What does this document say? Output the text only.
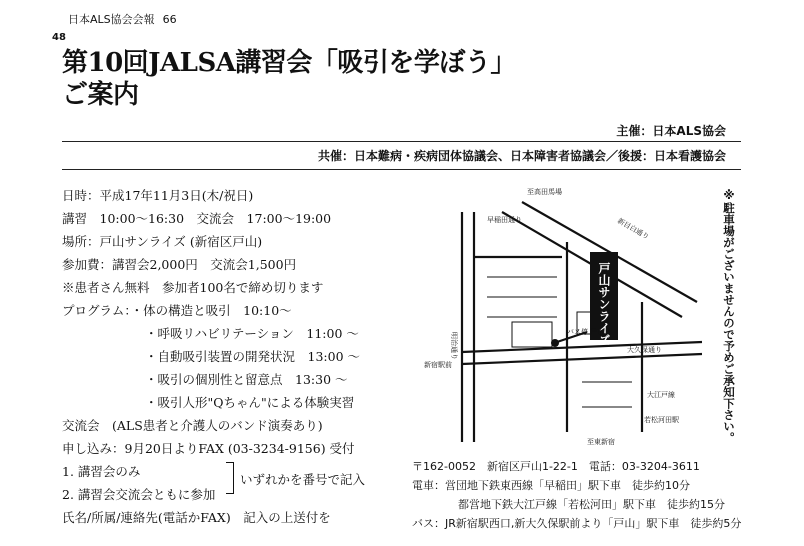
日本ALS協会会報 66
48
第10回JALSA講習会「吸引を学ぼう」
ご案内
主催：日本ALS協会
共催：日本難病・疾病団体協議会、日本障害者協議会／後援：日本看護協会
日時：平成17年11月3日(木/祝日)
講習　10:00～16:30　交流会　17:00～19:00
場所：戸山サンライズ (新宿区戸山)
参加費：講習会2,000円　交流会1,500円
※患者さん無料　参加者100名で締め切ります
プログラム：・体の構造と吸引　10:10～
・呼吸リハビリテーション　11:00 ～
・自動吸引装置の開発状況　13:00 ～
・吸引の個別性と留意点　13:30 ～
・吸引人形"Qちゃん"による体験実習
交流会　(ALS患者と介護人のバンド演奏あり)
申し込み：9月20日よりFAX (03-3234-9156) 受付
1. 講習会のみ
2. 講習会交流会ともに参加
いずれかを番号で記入
氏名/所属/連絡先(電話かFAX)　記入の上送付を
戸山サンライズ
至高田馬場
新目白通り
大久保通り
明治通り
新宿駅前
バス停 戸山
至東新宿
早稲田通り
大江戸線
若松河田駅	※駐車場がございませんので予めご承知下さい。
〒162-0052　新宿区戸山1-22-1　電話：03-3204-3611
電車：営団地下鉄東西線「早稲田」駅下車　徒歩約10分
都営地下鉄大江戸線「若松河田」駅下車　徒歩約15分
バス：JR新宿駅西口,新大久保駅前より「戸山」駅下車　徒歩約5分
